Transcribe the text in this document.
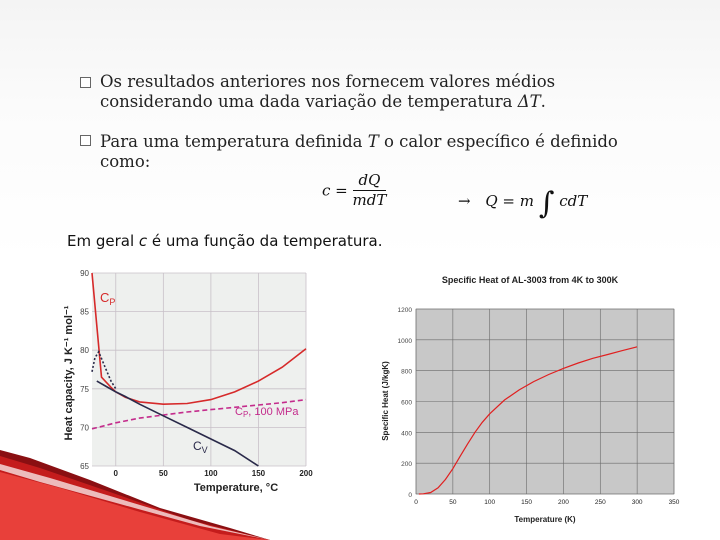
Os resultados anteriores nos fornecem valores médios
considerando uma dada variação de temperatura ΔT.
Para uma temperatura definida T o calor específico é definido
como:
$c = \frac{dQ}{\text{mdT}}$	→ Q = m ∫ cdT
Em geral c é uma função da temperatura.
65
70
75
80
85
90
0	50	100	150	200
Heat capacity, J K⁻¹ mol⁻¹
Temperature, °C
$C_P$
CP, 100 MPa
$C_V$
Specific Heat of AL-3003 from 4K to 300K
0
200
400
600
800
1000
1200
0	50	100	150	200	250	300	350
Specific Heat (J/kgK)
Temperature (K)
